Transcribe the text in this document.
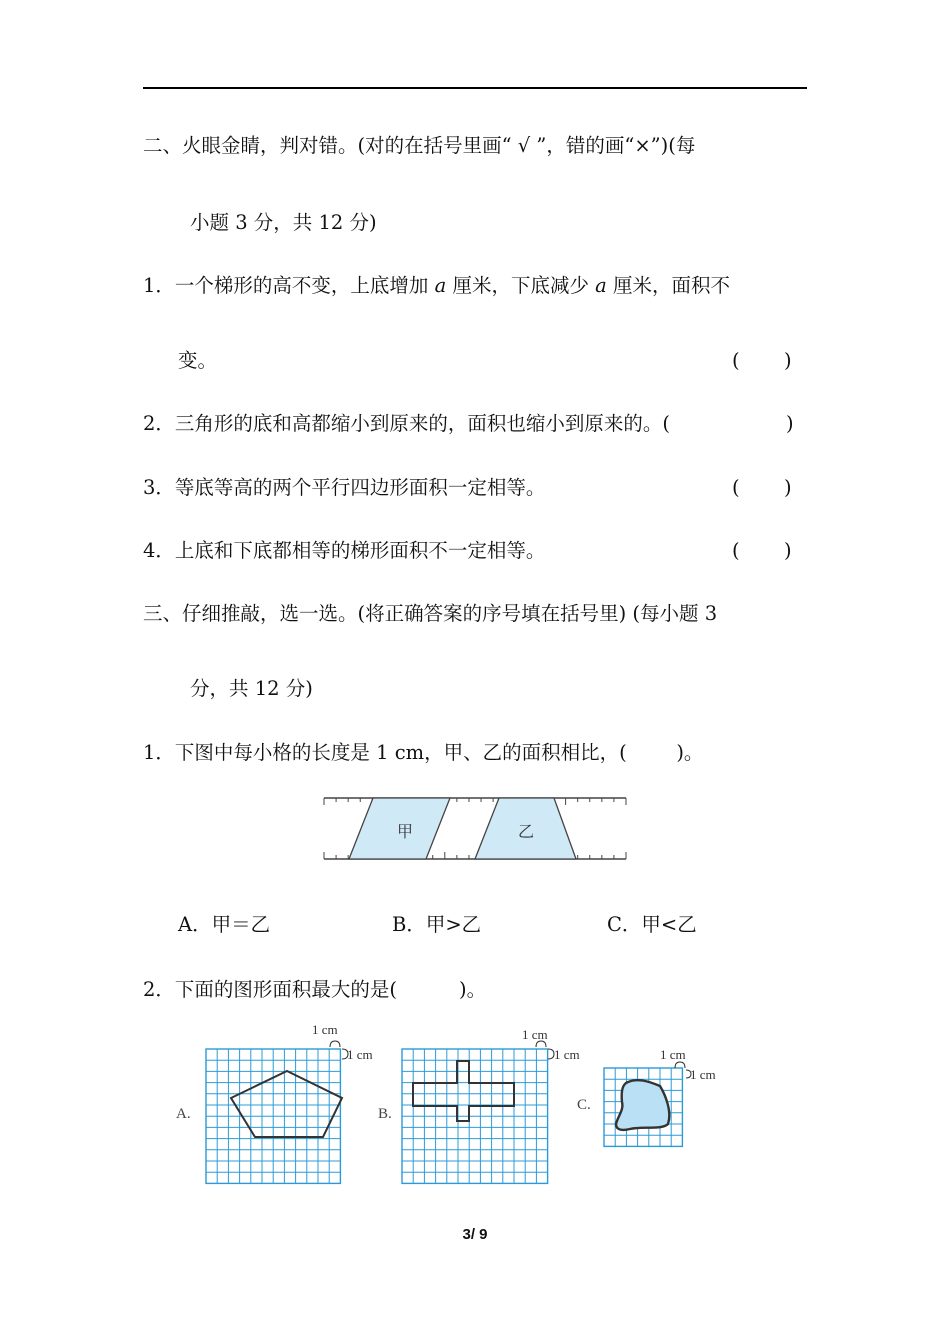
二、火眼金睛，判对错。(对的在括号里画“ √ ”，错的画“×”)(每
小题 3 分，共 12 分)
1．一个梯形的高不变，上底增加 a 厘米，下底减少 a 厘米，面积不
变。	( )
2．三角形的底和高都缩小到原来的，面积也缩小到原来的。(	)
3．等底等高的两个平行四边形面积一定相等。	( )
4．上底和下底都相等的梯形面积不一定相等。	( )
三、仔细推敲，选一选。(将正确答案的序号填在括号里) (每小题 3
分，共 12 分)
1．下图中每小格的长度是 1 cm，甲、乙的面积相比，(        )。
甲	乙
A．甲＝乙	B．甲>乙	C．甲<乙
2．下面的图形面积最大的是(          )。
A.	B.
C.
1 cm
1 cm
1 cm
1 cm	1 cm
1 cm
3/ 9
